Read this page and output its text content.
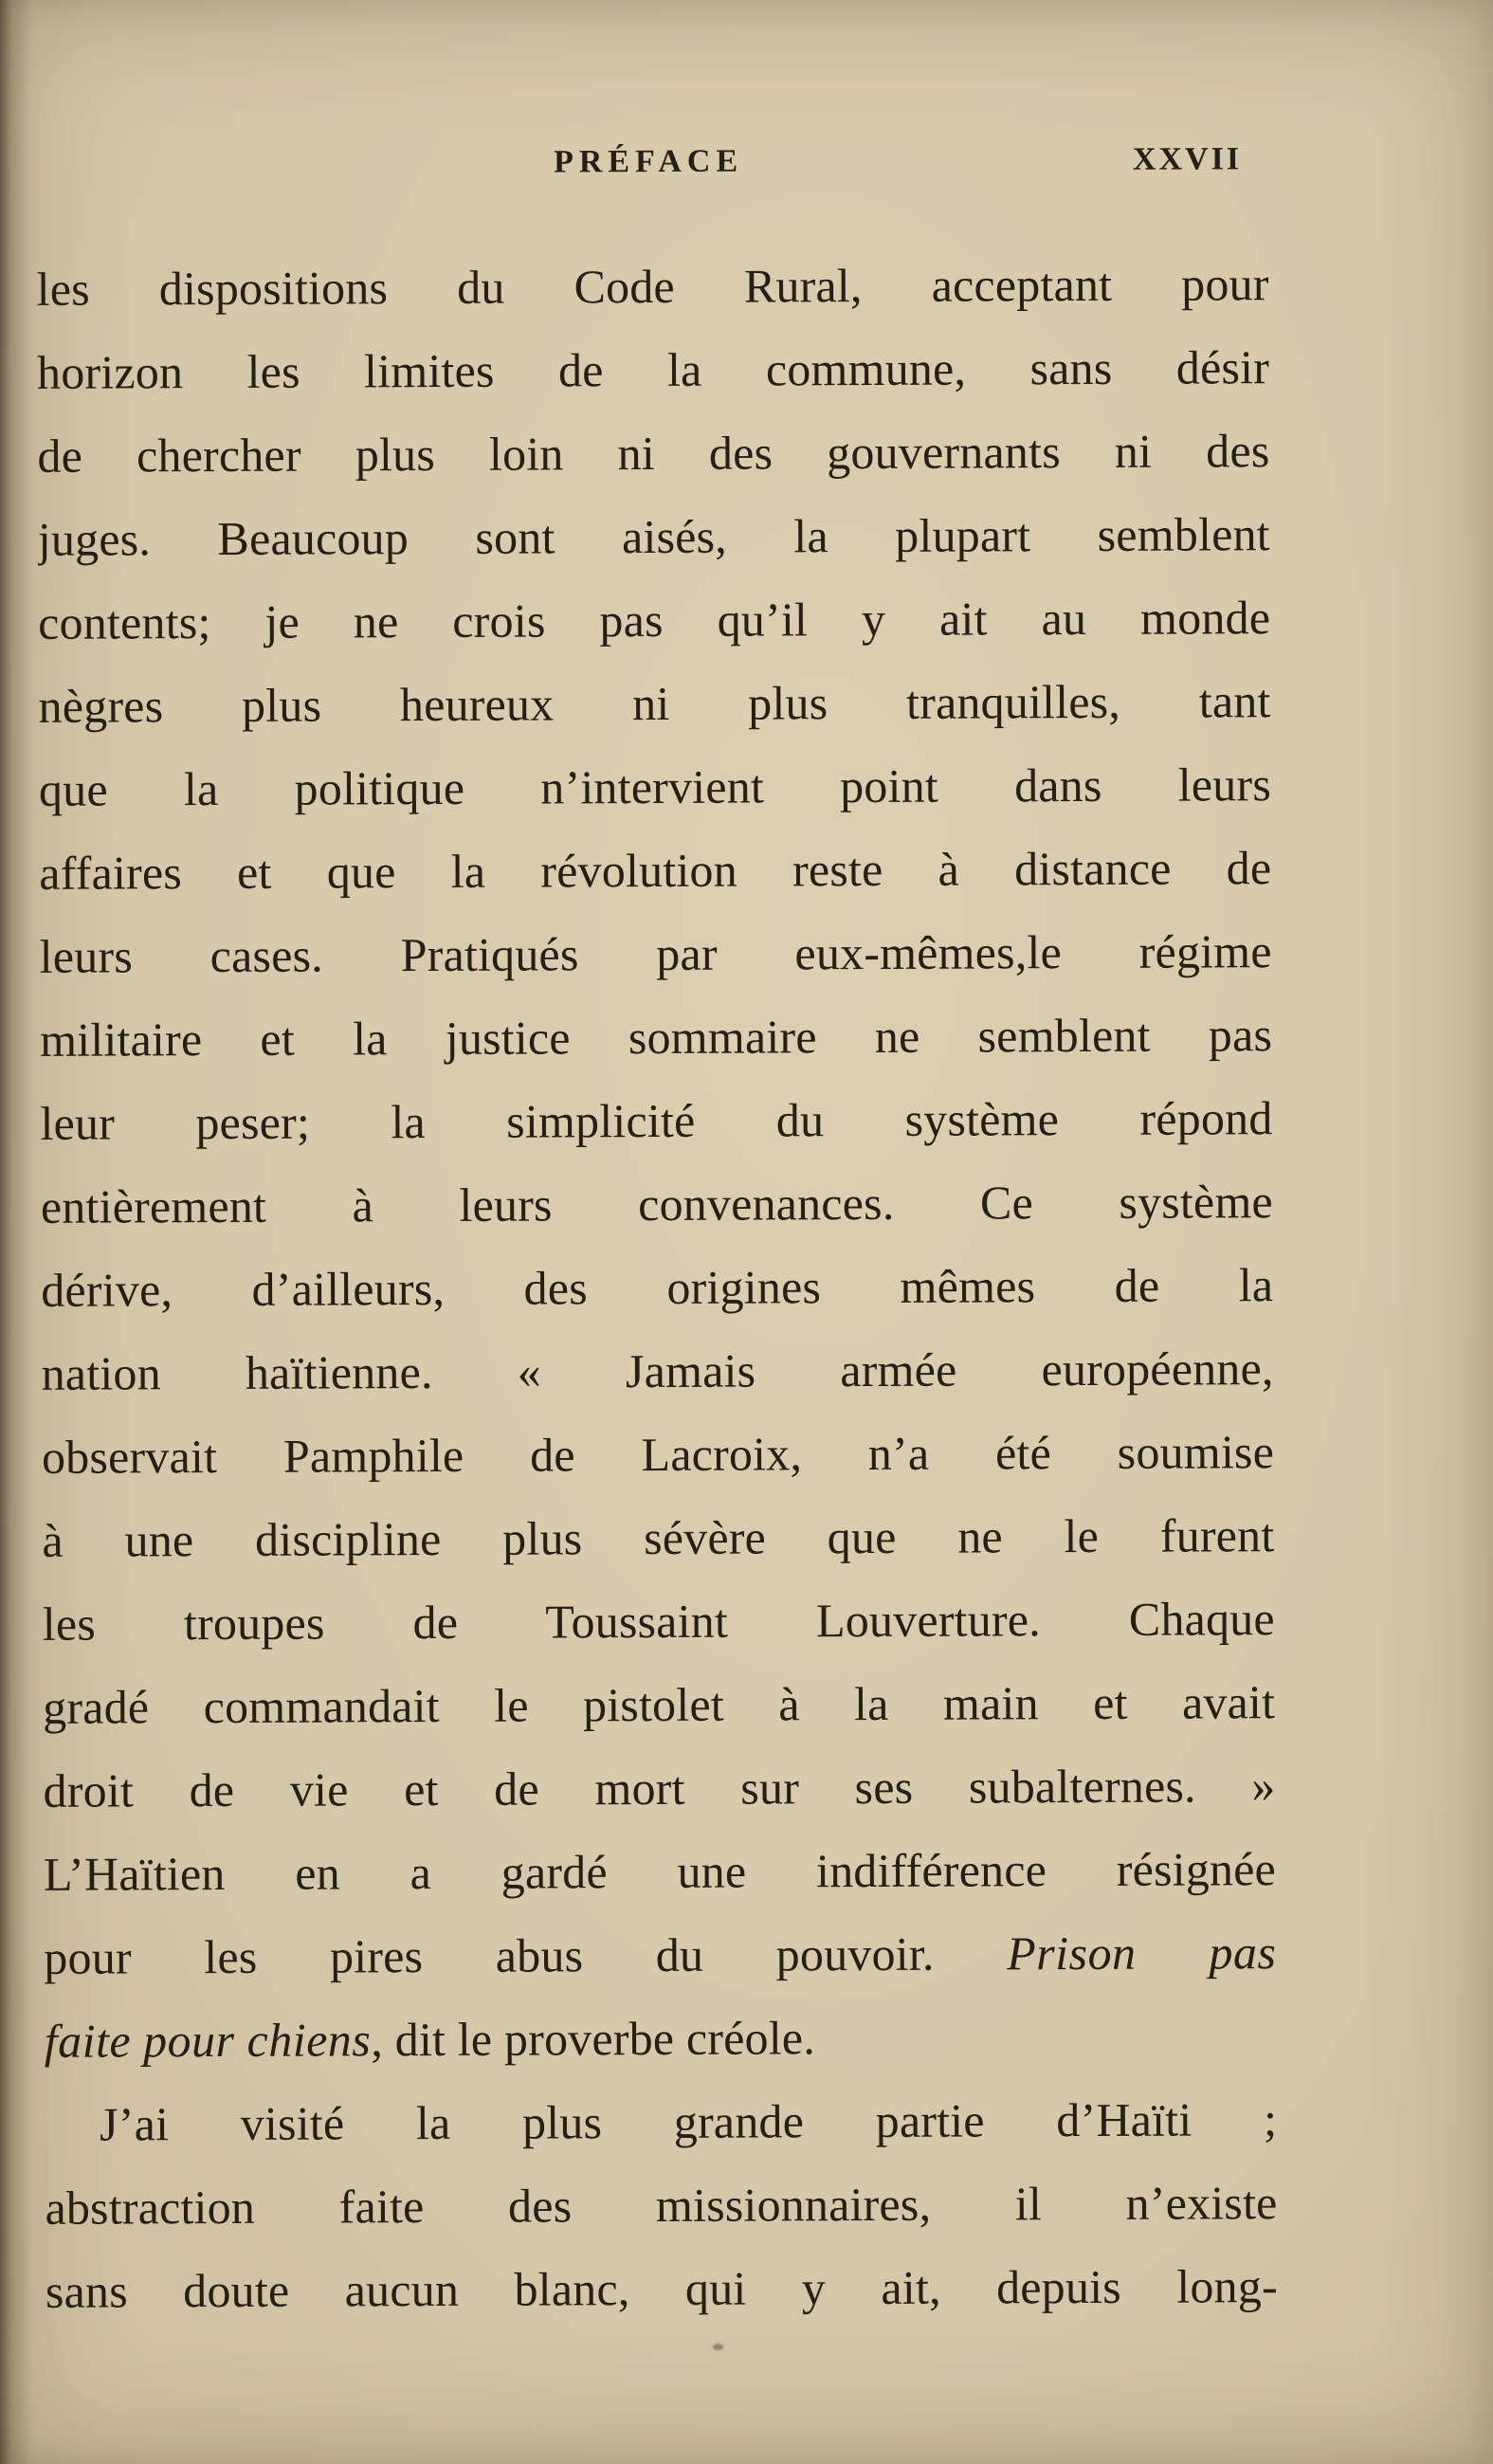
PRÉFACE	XXVII
les dispositions du Code Rural, acceptant pour
horizon les limites de la commune, sans désir
de chercher plus loin ni des gouvernants ni des
juges. Beaucoup sont aisés, la plupart semblent
contents; je ne crois pas qu’il y ait au monde
nègres plus heureux ni plus tranquilles, tant
que la politique n’intervient point dans leurs
affaires et que la révolution reste à distance de
leurs cases. Pratiqués par eux-mêmes,le régime
militaire et la justice sommaire ne semblent pas
leur peser; la simplicité du système répond
entièrement à leurs convenances. Ce système
dérive, d’ailleurs, des origines mêmes de la
nation haïtienne. « Jamais armée européenne,
observait Pamphile de Lacroix, n’a été soumise
à une discipline plus sévère que ne le furent
les troupes de Toussaint Louverture. Chaque
gradé commandait le pistolet à la main et avait
droit de vie et de mort sur ses subalternes. »
L’Haïtien en a gardé une indifférence résignée
pour les pires abus du pouvoir. Prison pas
faite pour chiens, dit le proverbe créole.
J’ai visité la plus grande partie d’Haïti ;
abstraction faite des missionnaires, il n’existe
sans doute aucun blanc, qui y ait, depuis long-
